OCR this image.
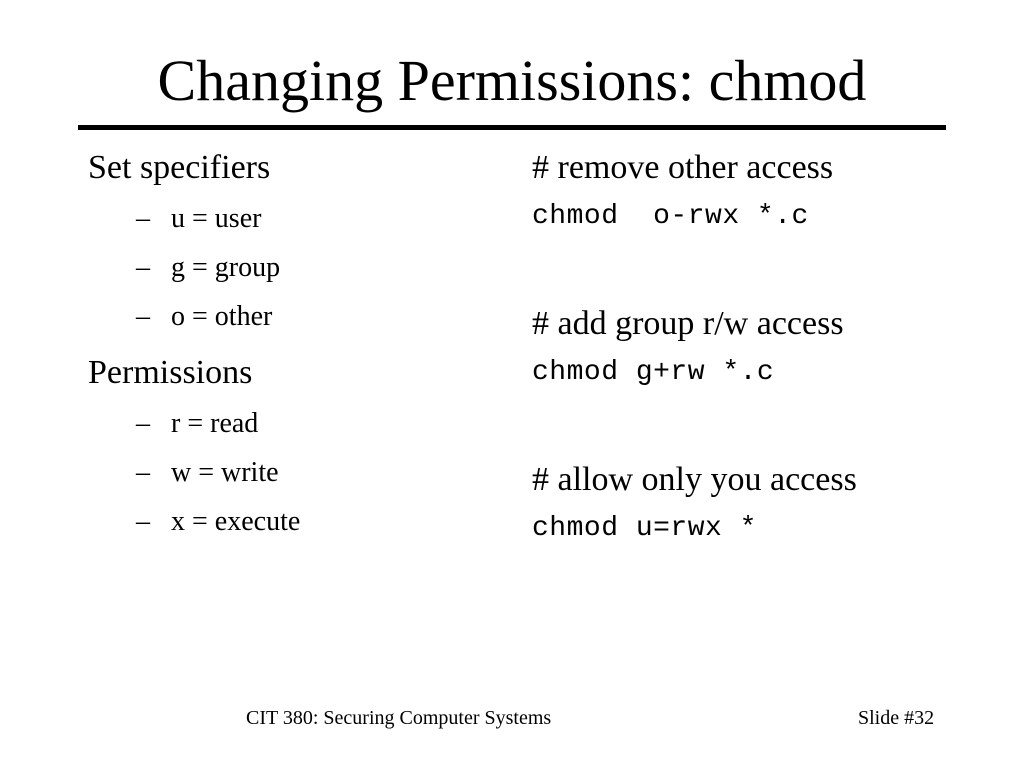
Changing Permissions: chmod
Set specifiers
– u = user
– g = group
– o = other
Permissions
– r = read
– w = write
– x = execute
# remove other access
chmod  o-rwx *.c
# add group r/w access
chmod g+rw *.c
# allow only you access
chmod u=rwx *
CIT 380: Securing Computer Systems	Slide #32
